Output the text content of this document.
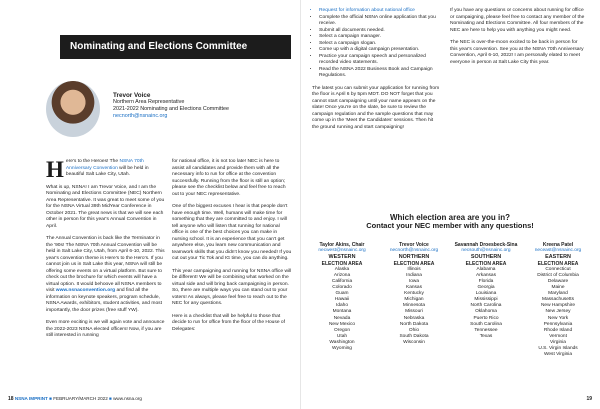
Nominating and Elections Committee
Trevor Voice
Northern Area Representative
2021-2022 Nominating and Elections Committee
necnorth@nsnainc.org

Here's to the Heroes! The NSNA 70th Anniversary Convention will be held in beautiful Salt Lake City, Utah.

What is up, NSNA! I am Trevor Voice, and I am the Nominating and Elections Committee (NEC) Northern Area Representative. It was great to meet some of you for the NSNA Virtual 39th MidYear Conference in October 2021. The great news is that we will see each other in person for this year's Annual Convention in April.

The Annual Convention is back like the Terminator in the '90s! The NSNA 70th Annual Convention will be held in Salt Lake City, Utah, from April 6-10, 2022. This year's convention theme is Here's to the Hero's. If you cannot join us in Salt Lake this year, NSNA will still be offering some events on a virtual platform. But sure to check out the brochure for which events will have a virtual option. It would behoove all NSNA members to visit www.nsnaconvention.org and find all the information on keynote speakers, program schedule, NSNA Awards, exhibitors, student activities, and most importantly, the door prizes (free stuff YW).

Even more exciting is we will again vote and announce the 2022-2023 NSNA elected officers! Now, if you are still interested in running

for national office, it is not too late! NEC is here to assist all candidates and provide them with all the necessary info to run for office at the convention successfully. Running from the floor is still an option; please see the checklist below and feel free to reach out to your NEC representative.

One of the biggest excuses I hear is that people don't have enough time. Well, humans will make time for something that they are committed to and enjoy. I will tell anyone who will listen that running for national office is one of the best choices you can make in nursing school. It is an experience that you can't get anywhere else, you learn new communication and teamwork skills that you didn't know you needed! If you cut out your Tic Tok and IG time, you can do anything.

This year campaigning and running for NSNA office will be different! We will be combining what worked on the virtual side and will bring back campaigning in person. So, there are multiple ways you can stand out to your voters! As always, please feel free to reach out to the NEC for any questions.

Here is a checklist that will be helpful to those that decide to run for office from the floor of the House of Delegates:

18 NSNA IMPRINT ■ FEBRUARY/MARCH 2022 ■ www.nsna.org
• Request for information about national office
• Complete the official NSNA online application that you receive.
• Submit all documents needed.
• Select a campaign manager.
• Select a campaign slogan.
• Come up with a digital campaign presentation.
• Practice your campaign speech and personalized recorded video statements.
• Read the NSNA 2022 Business Book and Campaign Regulations.

The latest you can submit your application for running from the floor is April 6 by 5pm MDT. DO NOT forget that you cannot start campaigning until your name appears on the slate! Once you're on the slate, be sure to review the campaign regulation and the sample questions that may come up in the 'Meet the Candidates' sessions. Then hit the ground running and start campaigning!

If you have any questions or concerns about running for office or campaigning, please feel free to contact any member of the Nominating and Elections Committee. All four members of the NEC are here to help you with anything you might need.

The NEC is over-the-moon excited to be back in person for this year's convention. See you at the NSNA 70th Anniversary Convention, April 6-10, 2022! I am personally elated to meet everyone in person at Salt Lake City this year.

19
Which election area are you in?
Contact your NEC member with any questions!
Taylor Akins, Chair
necwest@nsnainc.org
WESTERN
ELECTION AREA
Alaska
Arizona
California
Colorado
Guam
Hawaii
Idaho
Montana
Nevada
New Mexico
Oregon
Utah
Washington
Wyoming
Trevor Voice
necnorth@nsnainc.org
NORTHERN
ELECTION AREA
Illinois
Indiana
Iowa
Kansas
Kentucky
Michigan
Minnesota
Missouri
Nebraska
North Dakota
Ohio
South Dakota
Wisconsin
Savannah Droesbeck-Sina
necsouth@nsnainc.org
SOUTHERN
ELECTION AREA
Alabama
Arkansas
Florida
Georgia
Louisiana
Mississippi
North Carolina
Oklahoma
Puerto Rico
South Carolina
Tennessee
Texas
Kreena Patel
neceast@nsnainc.org
EASTERN
ELECTION AREA
Connecticut
District of Columbia
Delaware
Maine
Maryland
Massachusetts
New Hampshire
New Jersey
New York
Pennsylvania
Rhode Island
Vermont
Virginia
U.S. Virgin Islands
West Virginia
